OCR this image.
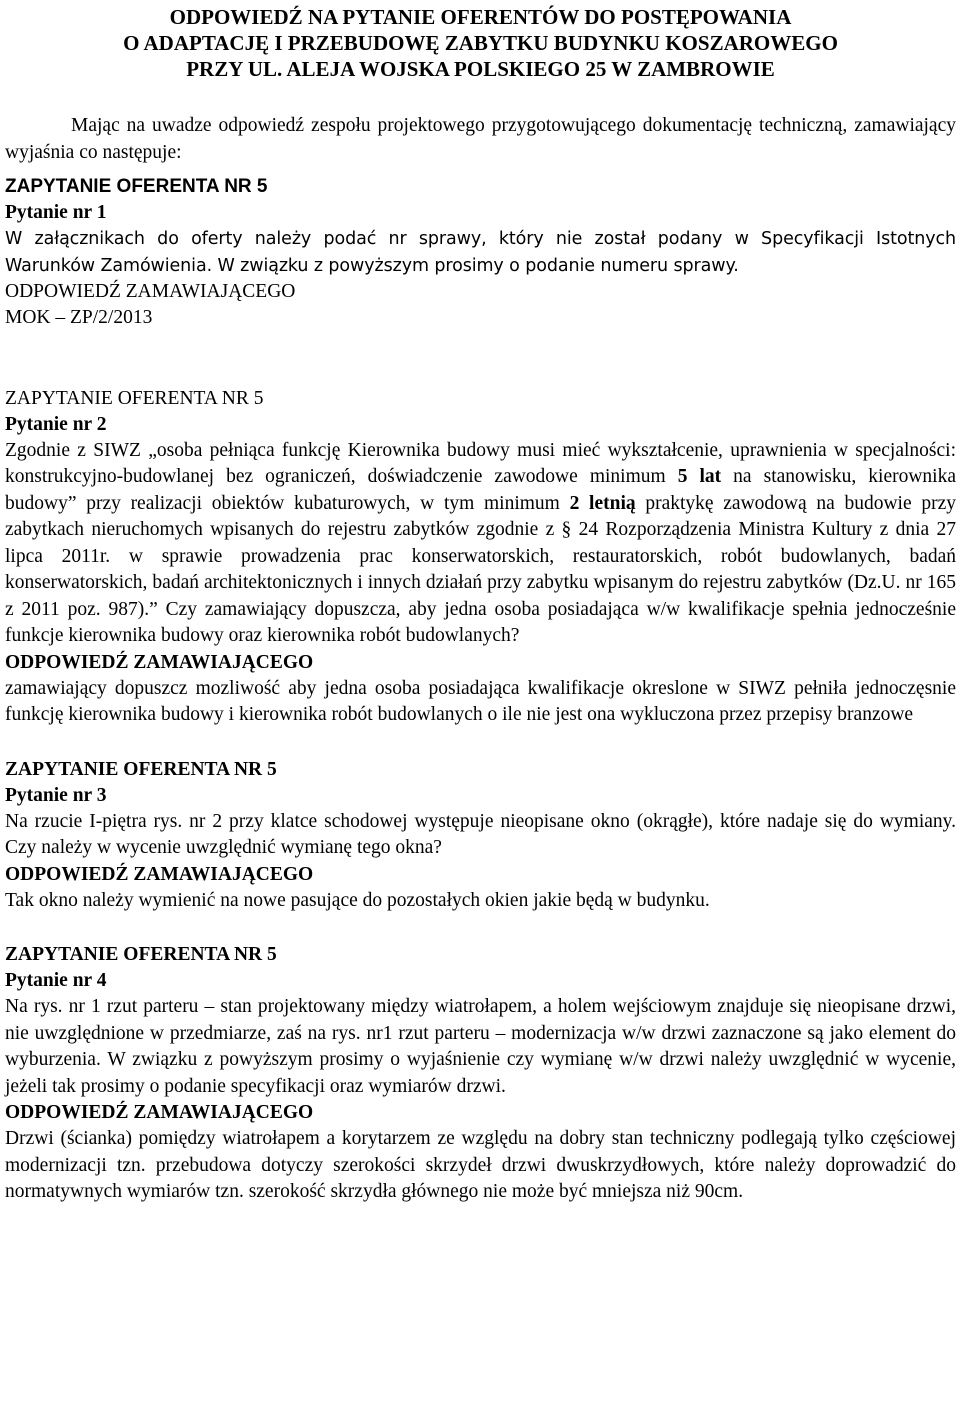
ODPOWIEDŹ NA PYTANIE OFERENTÓW DO POSTĘPOWANIA
O ADAPTACJĘ I PRZEBUDOWĘ ZABYTKU BUDYNKU KOSZAROWEGO
PRZY UL. ALEJA WOJSKA POLSKIEGO 25 W ZAMBROWIE

Mając na uwadze odpowiedź zespołu projektowego przygotowującego dokumentację techniczną, zamawiający wyjaśnia co następuje:

ZAPYTANIE OFERENTA NR 5
Pytanie nr 1

W załącznikach do oferty należy podać nr sprawy, który nie został podany w Specyfikacji Istotnych Warunków Zamówienia. W związku z powyższym prosimy o podanie numeru sprawy.

ODPOWIEDŹ ZAMAWIAJĄCEGO

MOK – ZP/2/2013

ZAPYTANIE OFERENTA NR 5
Pytanie nr 2

Zgodnie z SIWZ „osoba pełniąca funkcję Kierownika budowy musi mieć wykształcenie, uprawnienia w specjalności: konstrukcyjno-budowlanej bez ograniczeń, doświadczenie zawodowe minimum 5 lat na stanowisku, kierownika budowy” przy realizacji obiektów kubaturowych, w tym minimum 2 letnią praktykę zawodową na budowie przy zabytkach nieruchomych wpisanych do rejestru zabytków zgodnie z § 24 Rozporządzenia Ministra Kultury z dnia 27 lipca 2011r. w sprawie prowadzenia prac konserwatorskich, restauratorskich, robót budowlanych, badań konserwatorskich, badań architektonicznych i innych działań przy zabytku wpisanym do rejestru zabytków (Dz.U. nr 165 z 2011 poz. 987).” Czy zamawiający dopuszcza, aby jedna osoba posiadająca w/w kwalifikacje spełnia jednocześnie funkcje kierownika budowy oraz kierownika robót budowlanych?

ODPOWIEDŹ ZAMAWIAJĄCEGO

zamawiający dopuszcz mozliwość aby jedna osoba posiadająca kwalifikacje okreslone w SIWZ pełniła jednoczęsnie funkcję kierownika budowy i kierownika robót budowlanych o ile nie jest ona wykluczona przez przepisy branzowe

ZAPYTANIE OFERENTA NR 5
Pytanie nr 3

Na rzucie I-piętra rys. nr 2 przy klatce schodowej występuje nieopisane okno (okrągłe), które nadaje się do wymiany. Czy należy w wycenie uwzględnić wymianę tego okna?

ODPOWIEDŹ ZAMAWIAJĄCEGO

Tak okno należy wymienić na nowe pasujące do pozostałych okien jakie będą w budynku.

ZAPYTANIE OFERENTA NR 5
Pytanie nr 4

Na rys. nr 1 rzut parteru – stan projektowany między wiatrołapem, a holem wejściowym znajduje się nieopisane drzwi, nie uwzględnione w przedmiarze, zaś na rys. nr1 rzut parteru – modernizacja w/w drzwi zaznaczone są jako element do wyburzenia. W związku z powyższym prosimy o wyjaśnienie czy wymianę w/w drzwi należy uwzględnić w wycenie, jeżeli tak prosimy o podanie specyfikacji oraz wymiarów drzwi.

ODPOWIEDŹ ZAMAWIAJĄCEGO

Drzwi (ścianka) pomiędzy wiatrołapem a korytarzem ze względu na dobry stan techniczny podlegają tylko częściowej modernizacji tzn. przebudowa dotyczy szerokości skrzydeł drzwi dwuskrzydłowych, które należy doprowadzić do normatywnych wymiarów tzn. szerokość skrzydła głównego nie może być mniejsza niż 90cm.
